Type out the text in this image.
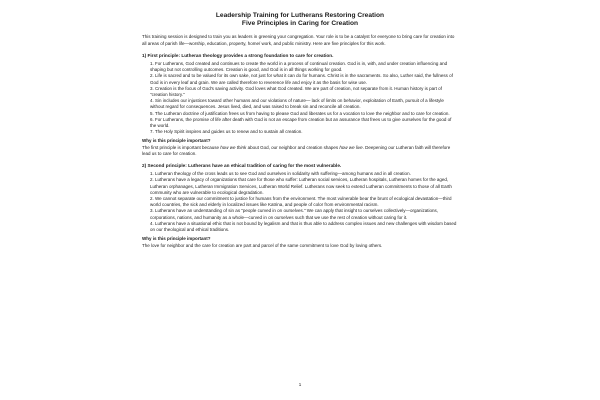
Leadership Training for Lutherans Restoring Creation

Five Principles in Caring for Creation

This training session is designed to train you as leaders in greening your congregation. Your role is to be a catalyst for everyone to bring care for creation into all areas of parish life—worship, education, property, home/ work, and public ministry. Here are five principles for this work.

1) First principle: Lutheran theology provides a strong foundation to care for creation.

1. For Lutherans, God created and continues to create the world in a process of continual creation. God is in, with, and under creation influencing and shaping but not controlling outcomes. Creation is good, and God is in all things working for good.
2. Life is sacred and to be valued for its own sake, not just for what it can do for humans. Christ is in the sacraments. So also, Luther said, the fullness of God is in every leaf and grain. We are called therefore to reverence life and enjoy it as the basis for wise use.
3. Creation is the focus of God's saving activity. God loves what God created. We are part of creation, not separate from it. Human history is part of "creation history."
4. Sin includes our injustices toward other humans and our violations of nature— lack of limits on behavior, exploitation of Earth, pursuit of a lifestyle without regard for consequences. Jesus lived, died, and was raised to break sin and reconcile all creation.
5. The Lutheran doctrine of justification frees us from having to please God and liberates us for a vocation to love the neighbor and to care for creation.
6. For Lutherans, the promise of life after death with God is not an escape from creation but an assurance that frees us to give ourselves for the good of the world.
7. The Holy Spirit inspires and guides us to renew and to sustain all creation.

Why is this principle important?

The first principle is important because how we think about God, our neighbor and creation shapes how we live. Deepening our Lutheran faith will therefore lead us to care for creation.

2) Second principle: Lutherans have an ethical tradition of caring for the most vulnerable.

1. Lutheran theology of the cross leads us to see God and ourselves in solidarity with suffering—among humans and in all creation.
2. Lutherans have a legacy of organizations that care for those who suffer: Lutheran social services, Lutheran hospitals, Lutheran homes for the aged, Lutheran orphanages, Lutheran Immigration Services, Lutheran World Relief. Lutherans now seek to extend Lutheran commitments to those of all Earth community who are vulnerable to ecological degradation.
2. We cannot separate our commitment to justice for humans from the environment. The most vulnerable bear the brunt of ecological devastation—third world countries, the sick and elderly in localized issues like Katrina, and people of color from environmental racism.
3. Lutherans have an understanding of sin as "people curved in on ourselves." We can apply that insight to ourselves collectively—organizations, corporations, nations, and humanity as a whole—curved in on ourselves such that we use the rest of creation without caring for it.
4. Lutherans have a situational ethic that is not bound by legalism and that is thus able to address complex issues and new challenges with wisdom based on our theological and ethical traditions.

Why is this principle important?

The love for neighbor and the care for creation are part and parcel of the same commitment to love God by loving others.

1
